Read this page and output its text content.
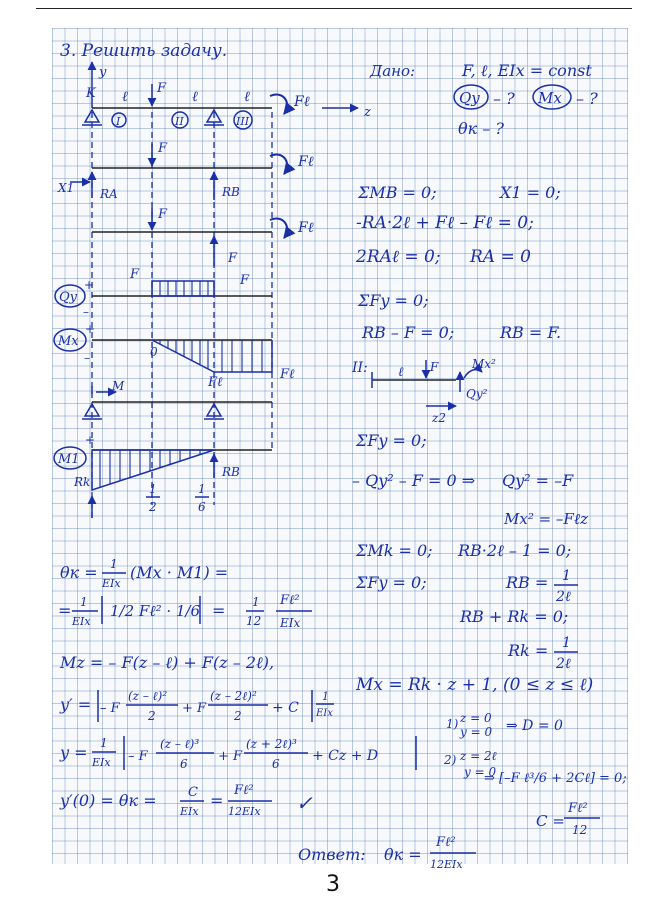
3. Решить задачу.
Дано:	F, ℓ, EIx = const
Qy – ? Mx – ?
θк – ?
y
K
z
ℓ	ℓ	ℓ
F
Fℓ
I	II	III
F
Fℓ
X1 RA	RB
F
Fℓ
F
Qy
+
–
F	F
Mx
+
–	0
Fℓ
Fℓ
M
M1
+
Rk
RB
1
2
1
6
ΣMB = 0;	X1 = 0;
-RA·2ℓ + Fℓ – Fℓ = 0;
2RAℓ = 0; RA = 0
ΣFy = 0;
RB – F = 0;	RB = F.
II:	F
ℓ
Mx²
Qy²
z2
ΣFy = 0;
– Qy² – F = 0 ⇒ Qy² = –F
Mx² = –Fℓz
ΣMk = 0; RB·2ℓ – 1 = 0;
ΣFy = 0;	RB = 1
2ℓ
RB + Rk = 0;
Rk = 1
2ℓ
Mx = Rk · z + 1, (0 ≤ z ≤ ℓ)
θк = 1
EIx
(Mx · M1) =
= 1
EIx
1/2 Fℓ² · 1/6 = 1
12
Fℓ²
EIx
Mz = – F(z – ℓ) + F(z – 2ℓ),
y′ = – F
(z – ℓ)²
2 + F
(z – 2ℓ)²
2 + C
1
EIx
y = 1
EIx – F
(z – ℓ)³
6 + F
(z + 2ℓ)³
6 + Cz + D
y′(0) = θк = C
EIx
=
Fℓ²
12EIx ✓
1) z = 0
y = 0 ⇒ D = 0
2) z = 2ℓ
y = 0
⇒ [–F ℓ³/6 + 2Cℓ] = 0;
C =
Fℓ²
12
Ответ: θк =
Fℓ²
12EIx
3
